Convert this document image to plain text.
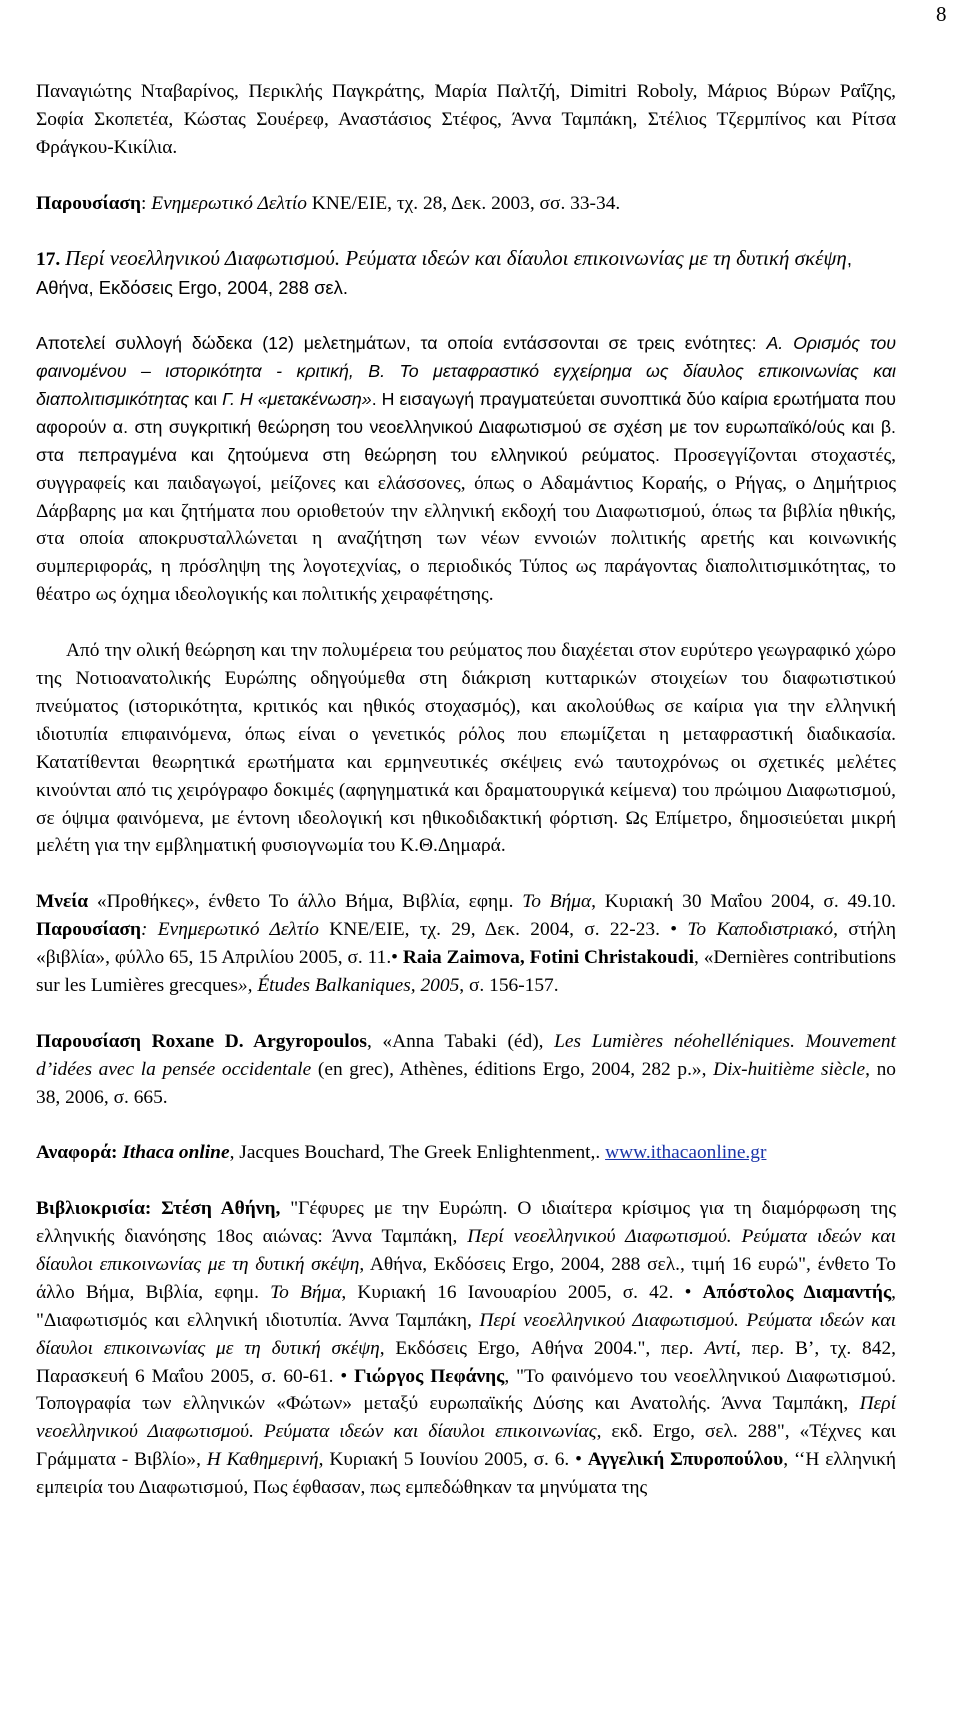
8

Παναγιώτης Νταβαρίνος, Περικλής Παγκράτης, Μαρία Παλτζή, Dimitri Roboly, Μάριος Βύρων Ραΐζης, Σοφία Σκοπετέα, Κώστας Σουέρεφ, Αναστάσιος Στέφος, Άννα Ταμπάκη, Στέλιος Τζερμπίνος και Ρίτσα Φράγκου-Κικίλια.

Παρουσίαση: Ενημερωτικό Δελτίο ΚΝΕ/ΕΙΕ, τχ. 28, Δεκ. 2003, σσ. 33-34.

17. Περί νεοελληνικού Διαφωτισμού. Ρεύματα ιδεών και δίαυλοι επικοινωνίας με τη δυτική σκέψη, Αθήνα, Εκδόσεις Ergo, 2004, 288 σελ.

Αποτελεί συλλογή δώδεκα (12) μελετημάτων, τα οποία εντάσσονται σε τρεις ενότητες: Α. Ορισμός του φαινομένου – ιστορικότητα - κριτική, Β. Το μεταφραστικό εγχείρημα ως δίαυλος επικοινωνίας και διαπολιτισμικότητας και Γ. Η «μετακένωση». Η εισαγωγή πραγματεύεται συνοπτικά δύο καίρια ερωτήματα που αφορούν α. στη συγκριτική θεώρηση του νεοελληνικού Διαφωτισμού σε σχέση με τον ευρωπαϊκό/ούς και β. στα πεπραγμένα και ζητούμενα στη θεώρηση του ελληνικού ρεύματος. Προσεγγίζονται στοχαστές, συγγραφείς και παιδαγωγοί, μείζονες και ελάσσονες, όπως ο Αδαμάντιος Κοραής, ο Ρήγας, ο Δημήτριος Δάρβαρης μα και ζητήματα που οριοθετούν την ελληνική εκδοχή του Διαφωτισμού, όπως τα βιβλία ηθικής, στα οποία αποκρυσταλλώνεται η αναζήτηση των νέων εννοιών πολιτικής αρετής και κοινωνικής συμπεριφοράς, η πρόσληψη της λογοτεχνίας, ο περιοδικός Τύπος ως παράγοντας διαπολιτισμικότητας, το θέατρο ως όχημα ιδεολογικής και πολιτικής χειραφέτησης.

Από την ολική θεώρηση και την πολυμέρεια του ρεύματος που διαχέεται στον ευρύτερο γεωγραφικό χώρο της Νοτιοανατολικής Ευρώπης οδηγούμεθα στη διάκριση κυτταρικών στοιχείων του διαφωτιστικού πνεύματος (ιστορικότητα, κριτικός και ηθικός στοχασμός), και ακολούθως σε καίρια για την ελληνική ιδιοτυπία επιφαινόμενα, όπως είναι ο γενετικός ρόλος που επωμίζεται η μεταφραστική διαδικασία. Κατατίθενται θεωρητικά ερωτήματα και ερμηνευτικές σκέψεις ενώ ταυτοχρόνως οι σχετικές μελέτες κινούνται από τις χειρόγραφο δοκιμές (αφηγηματικά και δραματουργικά κείμενα) του πρώιμου Διαφωτισμού, σε όψιμα φαινόμενα, με έντονη ιδεολογική κσι ηθικοδιδακτική φόρτιση. Ως Επίμετρο, δημοσιεύεται μικρή μελέτη για την εμβληματική φυσιογνωμία του Κ.Θ.Δημαρά.

Μνεία «Προθήκες», ένθετο Το άλλο Βήμα, Βιβλία, εφημ. Το Βήμα, Κυριακή 30 Μαΐου 2004, σ. 49.10. Παρουσίαση: Ενημερωτικό Δελτίο ΚΝΕ/ΕΙΕ, τχ. 29, Δεκ. 2004, σ. 22-23. • Το Καποδιστριακό, στήλη «βιβλία», φύλλο 65, 15 Απριλίου 2005, σ. 11.• Raia Zaimova, Fotini Christakoudi, «Dernières contributions sur les Lumières grecques», Études Balkaniques, 2005, σ. 156-157.

Παρουσίαση Roxane D. Argyropoulos, «Anna Tabaki (éd), Les Lumières néohelléniques. Mouvement d’idées avec la pensée occidentale (en grec), Athènes, éditions Ergo, 2004, 282 p.», Dix-huitième siècle, no 38, 2006, σ. 665.

Αναφορά: Ithaca online, Jacques Bouchard, The Greek Enlightenment,. www.ithacaonline.gr

Βιβλιοκρισία: Στέση Αθήνη, "Γέφυρες με την Ευρώπη. Ο ιδιαίτερα κρίσιμος για τη διαμόρφωση της ελληνικής διανόησης 18ος αιώνας: Άννα Ταμπάκη, Περί νεοελληνικού Διαφωτισμού. Ρεύματα ιδεών και δίαυλοι επικοινωνίας με τη δυτική σκέψη, Αθήνα, Εκδόσεις Ergo, 2004, 288 σελ., τιμή 16 ευρώ", ένθετο Το άλλο Βήμα, Βιβλία, εφημ. Το Βήμα, Κυριακή 16 Ιανουαρίου 2005, σ. 42. • Απόστολος Διαμαντής, "Διαφωτισμός και ελληνική ιδιοτυπία. Άννα Ταμπάκη, Περί νεοελληνικού Διαφωτισμού. Ρεύματα ιδεών και δίαυλοι επικοινωνίας με τη δυτική σκέψη, Εκδόσεις Ergo, Αθήνα 2004.", περ. Αντί, περ. Β’, τχ. 842, Παρασκευή 6 Μαΐου 2005, σ. 60-61. • Γιώργος Πεφάνης, "Το φαινόμενο του νεοελληνικού Διαφωτισμού. Τοπογραφία των ελληνικών «Φώτων» μεταξύ ευρωπαϊκής Δύσης και Ανατολής. Άννα Ταμπάκη, Περί νεοελληνικού Διαφωτισμού. Ρεύματα ιδεών και δίαυλοι επικοινωνίας, εκδ. Ergo, σελ. 288", «Τέχνες και Γράμματα - Βιβλίο», Η Καθημερινή, Κυριακή 5 Ιουνίου 2005, σ. 6. • Αγγελική Σπυροπούλου, ‘‘Η ελληνική εμπειρία του Διαφωτισμού, Πως έφθασαν, πως εμπεδώθηκαν τα μηνύματα της
